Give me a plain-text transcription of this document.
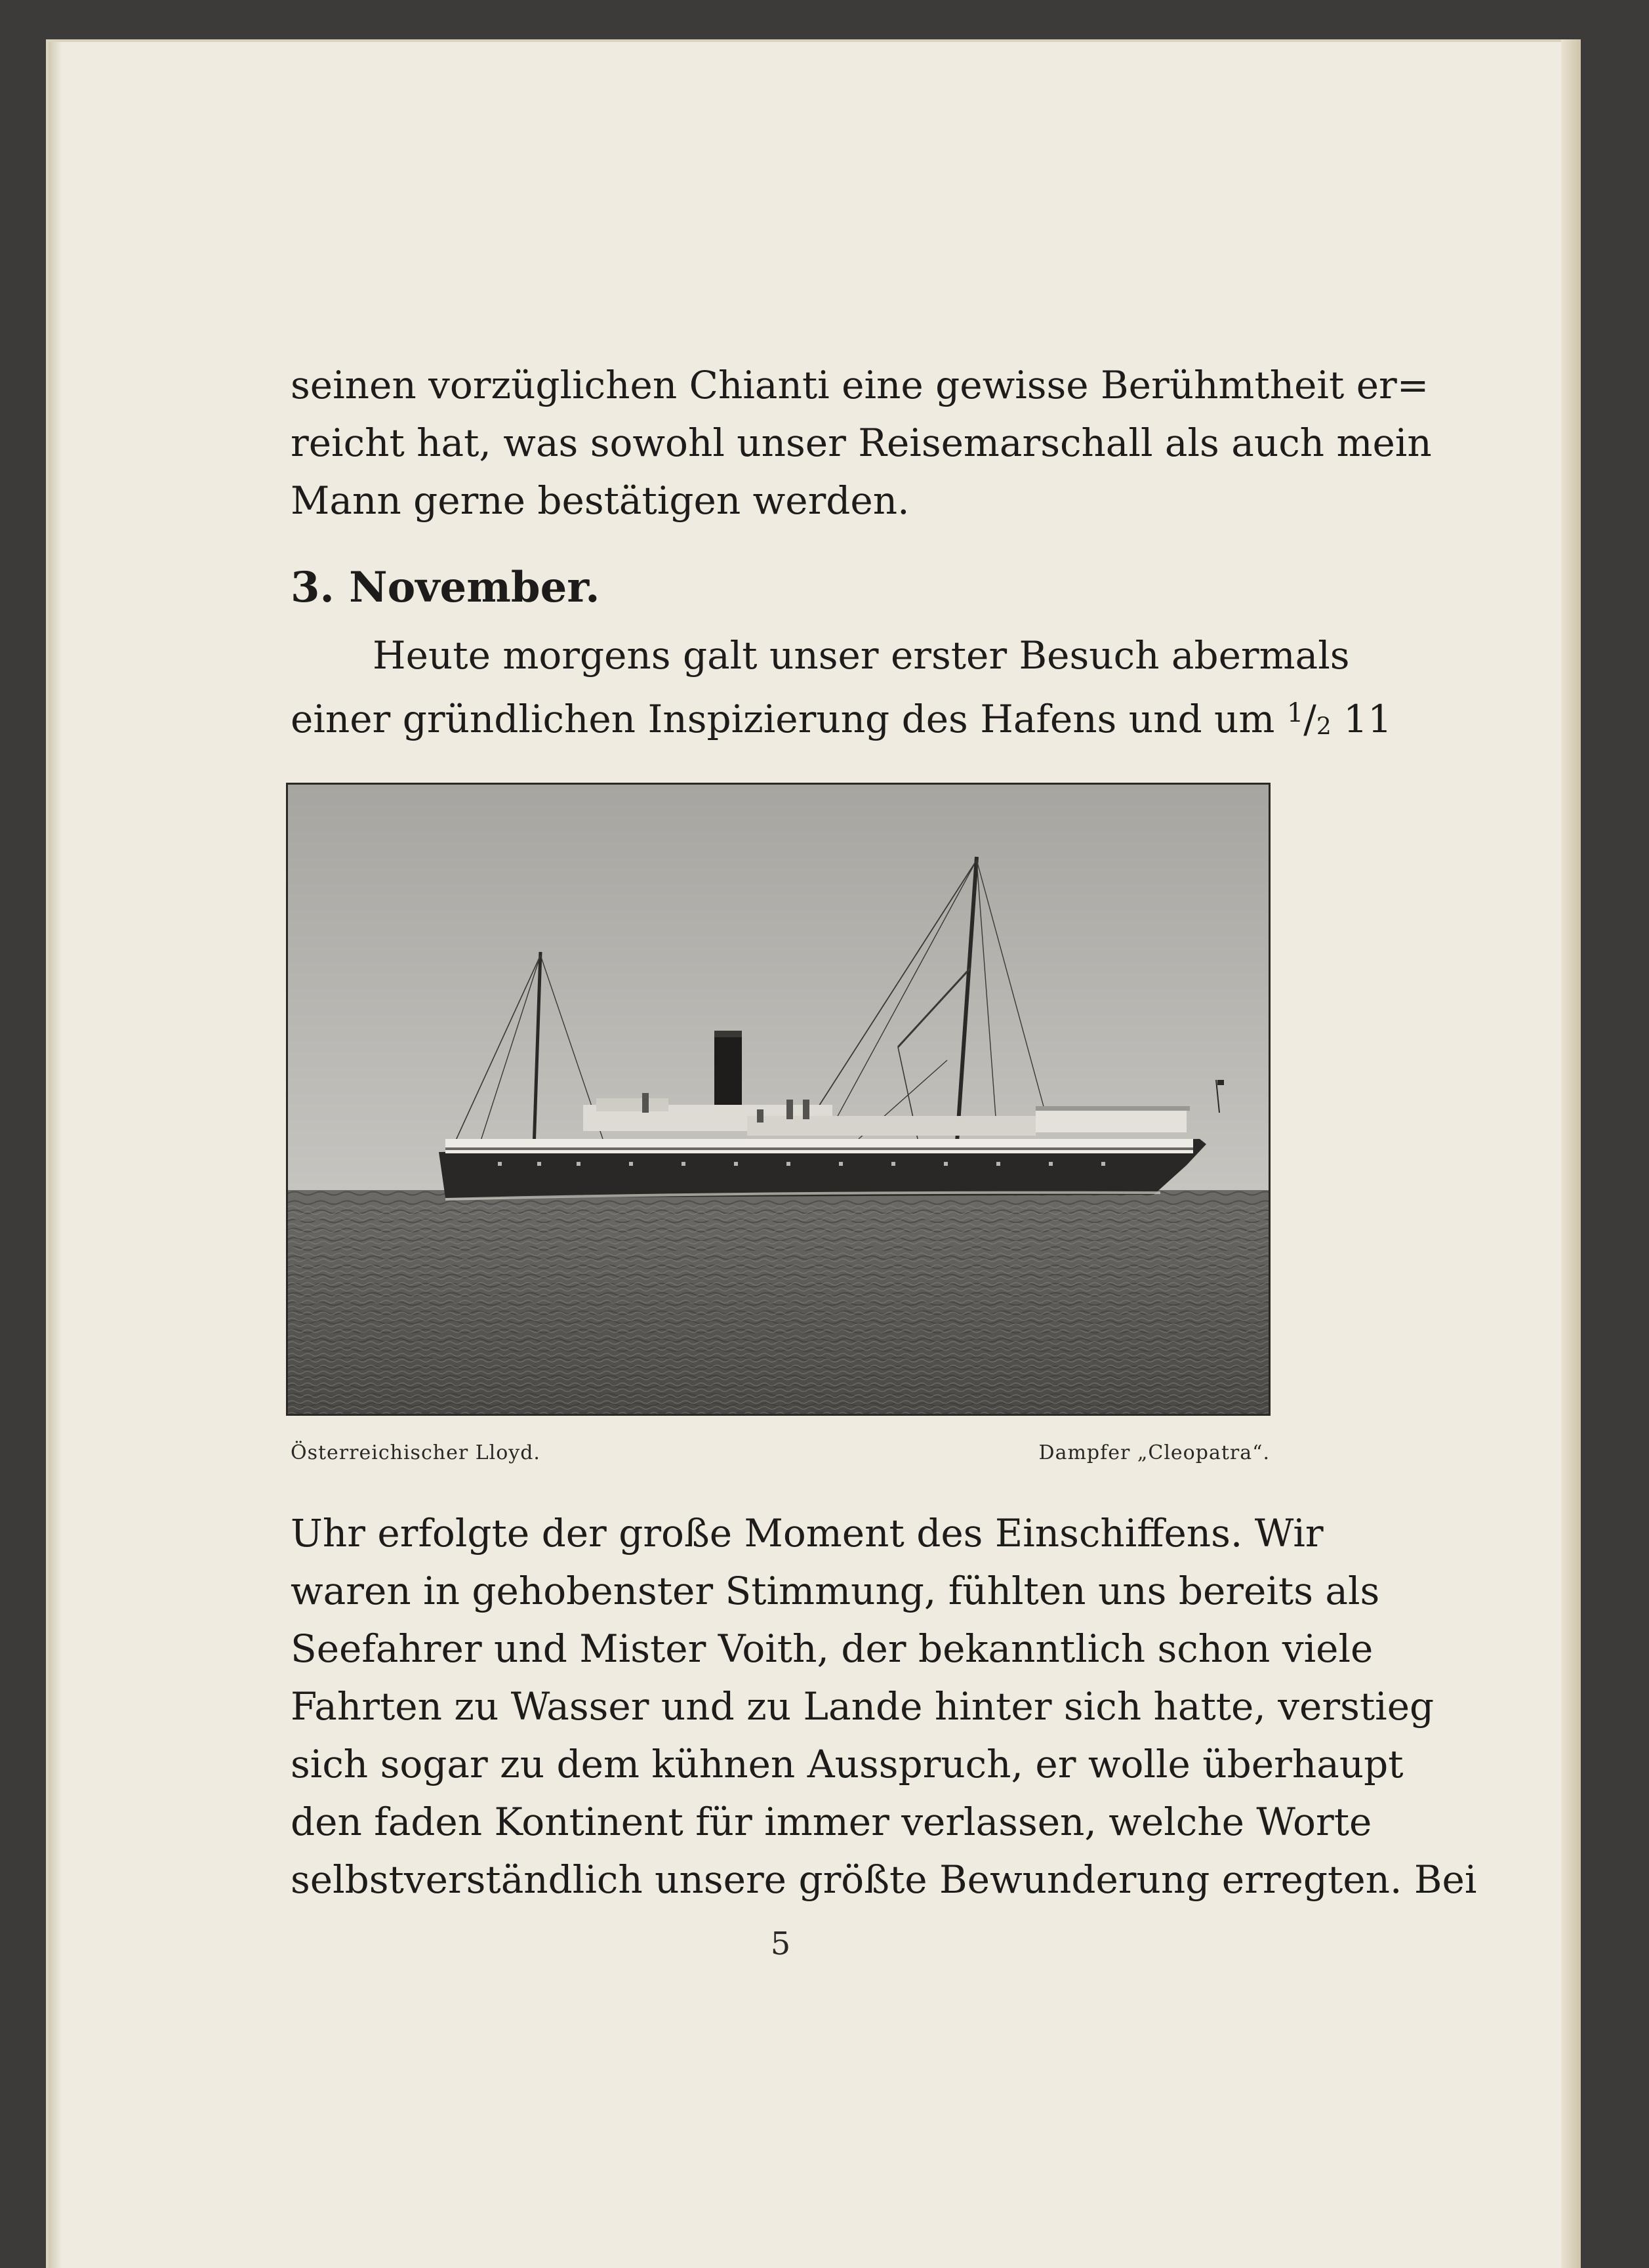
seinen vorzüglichen Chianti eine gewisse Berühmtheit er=
reicht hat, was sowohl unser Reisemarschall als auch mein
Mann gerne bestätigen werden.

3. November.

Heute morgens galt unser erster Besuch abermals
einer gründlichen Inspizierung des Hafens und um $^1$/2 11

Österreichischer Lloyd.	Dampfer „Cleopatra“.

Uhr erfolgte der große Moment des Einschiffens. Wir
waren in gehobenster Stimmung, fühlten uns bereits als
Seefahrer und Mister Voith, der bekanntlich schon viele
Fahrten zu Wasser und zu Lande hinter sich hatte, verstieg
sich sogar zu dem kühnen Ausspruch, er wolle überhaupt
den faden Kontinent für immer verlassen, welche Worte
selbstverständlich unsere größte Bewunderung erregten. Bei

5
